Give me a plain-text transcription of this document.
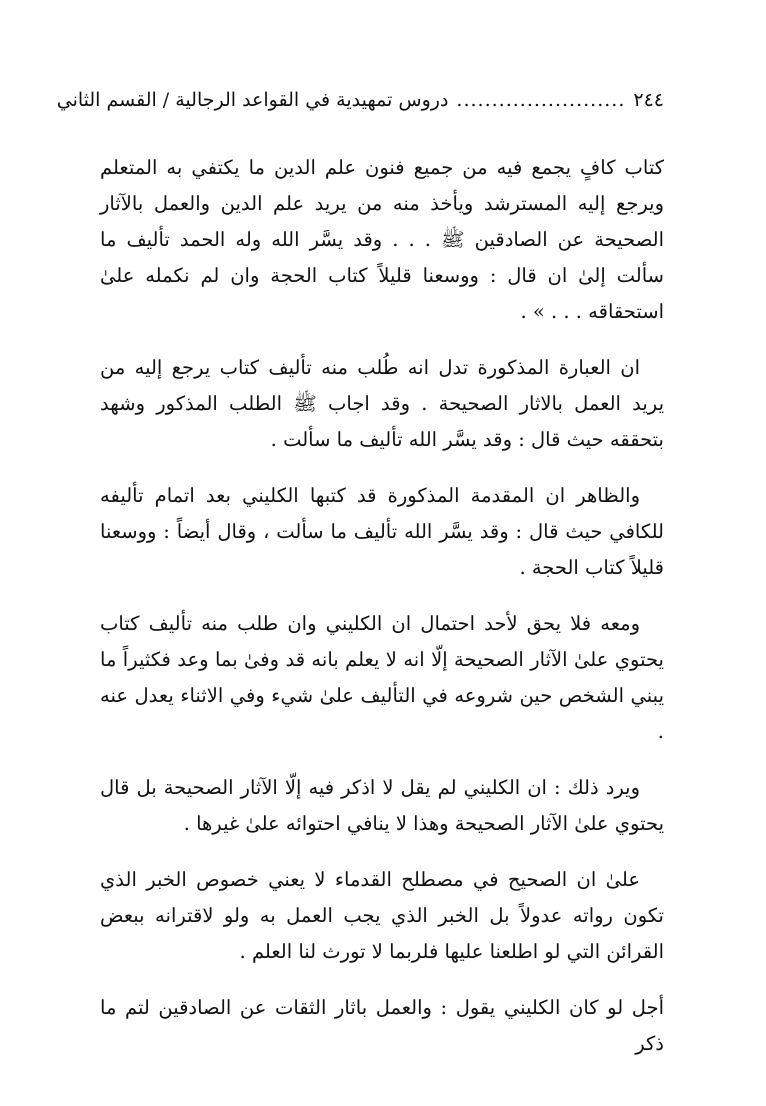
٢٤٤
........................
دروس تمهيدية في القواعد الرجالية / القسم الثاني

كتاب كافٍ يجمع فيه من جميع فنون علم الدين ما يكتفي به المتعلم ويرجع إليه المسترشد ويأخذ منه من يريد علم الدين والعمل بالآثار الصحيحة عن الصادقين ﷺ . . . وقد يسَّر الله وله الحمد تأليف ما سألت إلىٰ ان قال : ووسعنا قليلاً كتاب الحجة وان لم نكمله علىٰ استحقاقه . . . » .

ان العبارة المذكورة تدل انه طُلب منه تأليف كتاب يرجع إليه من يريد العمل بالاثار الصحيحة . وقد اجاب ﷺ الطلب المذكور وشهد بتحققه حيث قال : وقد يسَّر الله تأليف ما سألت .

والظاهر ان المقدمة المذكورة قد كتبها الكليني بعد اتمام تأليفه للكافي حيث قال : وقد يسَّر الله تأليف ما سألت ، وقال أيضاً : ووسعنا قليلاً كتاب الحجة .

ومعه فلا يحق لأحد احتمال ان الكليني وان طلب منه تأليف كتاب يحتوي علىٰ الآثار الصحيحة إلّا انه لا يعلم بانه قد وفىٰ بما وعد فكثيراً ما يبني الشخص حين شروعه في التأليف علىٰ شيء وفي الاثناء يعدل عنه .

ويرد ذلك : ان الكليني لم يقل لا اذكر فيه إلّا الآثار الصحيحة بل قال يحتوي علىٰ الآثار الصحيحة وهذا لا ينافي احتوائه علىٰ غيرها .

علىٰ ان الصحيح في مصطلح القدماء لا يعني خصوص الخبر الذي تكون رواته عدولاً بل الخبر الذي يجب العمل به ولو لاقترانه ببعض القرائن التي لو اطلعنا عليها فلربما لا تورث لنا العلم .

أجل لو كان الكليني يقول : والعمل باثار الثقات عن الصادقين لتم ما ذكر
